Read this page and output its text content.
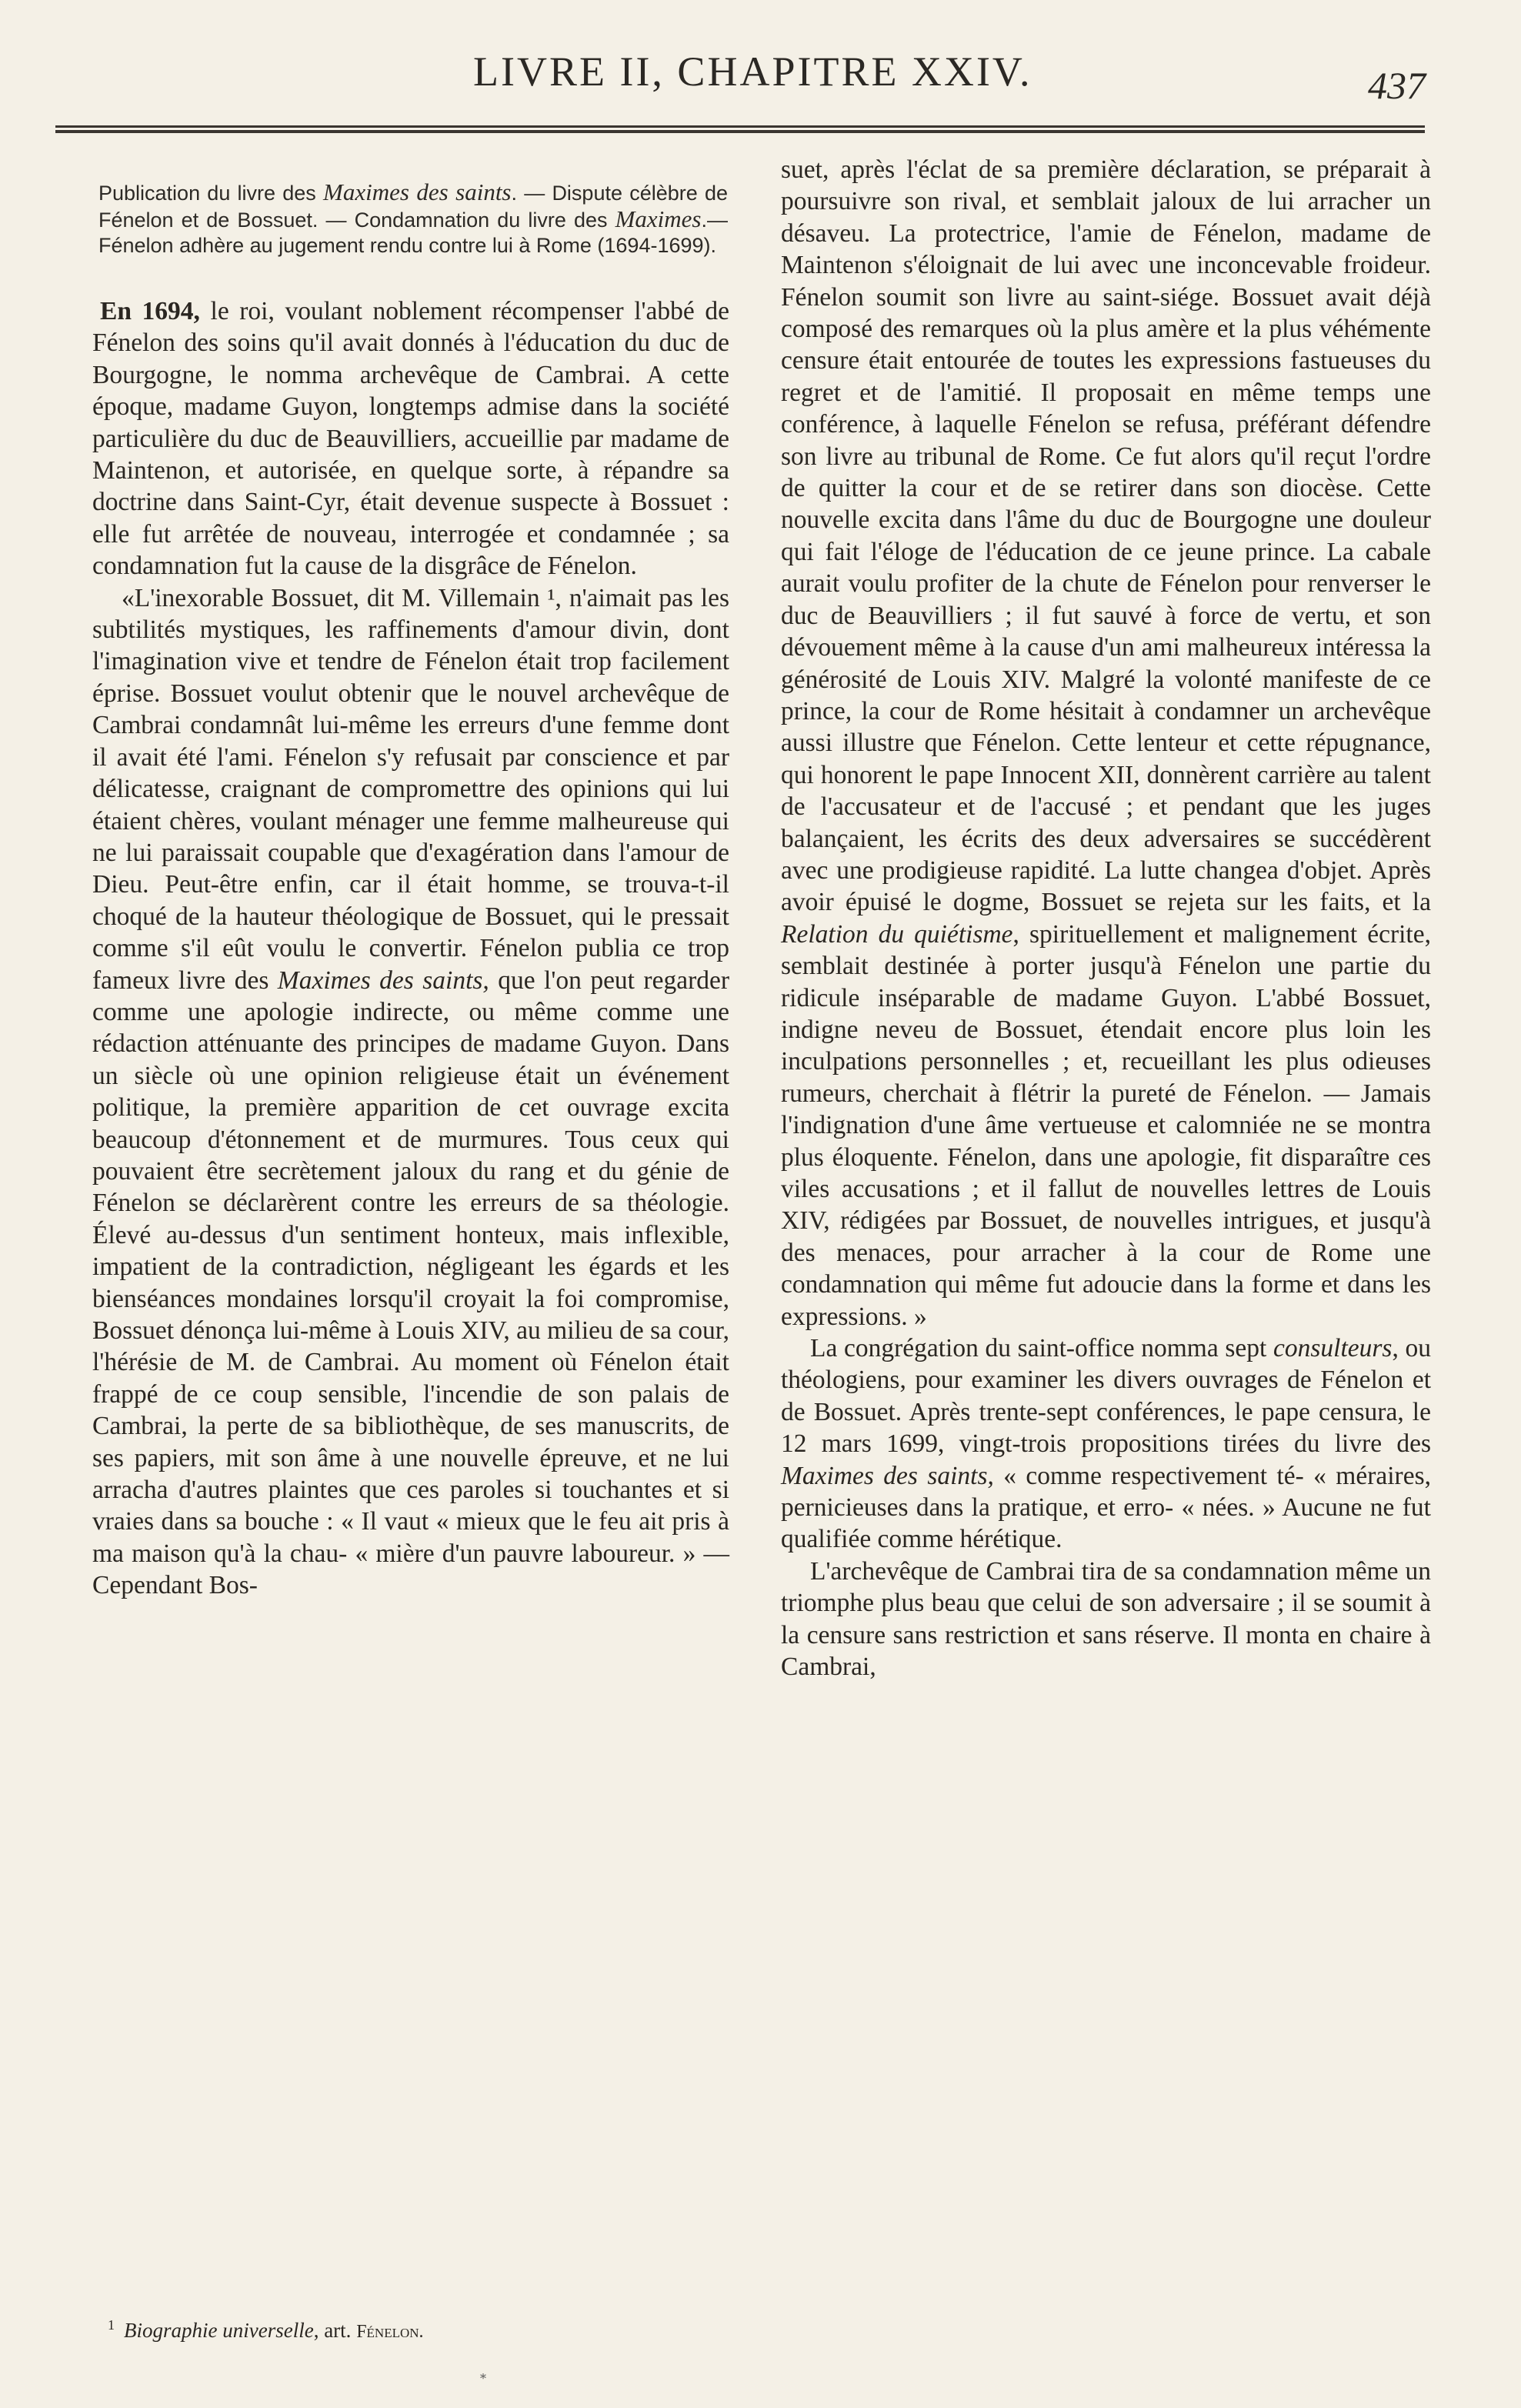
LIVRE II, CHAPITRE XXIV.	437
Publication du livre des Maximes des saints. — Dispute célèbre de Fénelon et de Bossuet. — Condamnation du livre des Maximes.— Fénelon adhère au jugement rendu contre lui à Rome (1694-1699).

En 1694, le roi, voulant noblement récompenser l'abbé de Fénelon des soins qu'il avait donnés à l'éducation du duc de Bourgogne, le nomma archevêque de Cambrai. A cette époque, madame Guyon, longtemps admise dans la société particulière du duc de Beauvilliers, accueillie par madame de Maintenon, et autorisée, en quelque sorte, à répandre sa doctrine dans Saint-Cyr, était devenue suspecte à Bossuet : elle fut arrêtée de nouveau, interrogée et condamnée ; sa condamnation fut la cause de la disgrâce de Fénelon.

«L'inexorable Bossuet, dit M. Villemain ¹, n'aimait pas les subtilités mystiques, les raffinements d'amour divin, dont l'imagination vive et tendre de Fénelon était trop facilement éprise. Bossuet voulut obtenir que le nouvel archevêque de Cambrai condamnât lui-même les erreurs d'une femme dont il avait été l'ami. Fénelon s'y refusait par conscience et par délicatesse, craignant de compromettre des opinions qui lui étaient chères, voulant ménager une femme malheureuse qui ne lui paraissait coupable que d'exagération dans l'amour de Dieu. Peut-être enfin, car il était homme, se trouva-t-il choqué de la hauteur théologique de Bossuet, qui le pressait comme s'il eût voulu le convertir. Fénelon publia ce trop fameux livre des Maximes des saints, que l'on peut regarder comme une apologie indirecte, ou même comme une rédaction atténuante des principes de madame Guyon. Dans un siècle où une opinion religieuse était un événement politique, la première apparition de cet ouvrage excita beaucoup d'étonnement et de murmures. Tous ceux qui pouvaient être secrètement jaloux du rang et du génie de Fénelon se déclarèrent contre les erreurs de sa théologie. Élevé au-dessus d'un sentiment honteux, mais inflexible, impatient de la contradiction, négligeant les égards et les bienséances mondaines lorsqu'il croyait la foi compromise, Bossuet dénonça lui-même à Louis XIV, au milieu de sa cour, l'hérésie de M. de Cambrai. Au moment où Fénelon était frappé de ce coup sensible, l'incendie de son palais de Cambrai, la perte de sa bibliothèque, de ses manuscrits, de ses papiers, mit son âme à une nouvelle épreuve, et ne lui arracha d'autres plaintes que ces paroles si touchantes et si vraies dans sa bouche : « Il vaut « mieux que le feu ait pris à ma maison qu'à la chau- « mière d'un pauvre laboureur. » — Cependant Bos-

suet, après l'éclat de sa première déclaration, se préparait à poursuivre son rival, et semblait jaloux de lui arracher un désaveu. La protectrice, l'amie de Fénelon, madame de Maintenon s'éloignait de lui avec une inconcevable froideur. Fénelon soumit son livre au saint-siége. Bossuet avait déjà composé des remarques où la plus amère et la plus véhémente censure était entourée de toutes les expressions fastueuses du regret et de l'amitié. Il proposait en même temps une conférence, à laquelle Fénelon se refusa, préférant défendre son livre au tribunal de Rome. Ce fut alors qu'il reçut l'ordre de quitter la cour et de se retirer dans son diocèse. Cette nouvelle excita dans l'âme du duc de Bourgogne une douleur qui fait l'éloge de l'éducation de ce jeune prince. La cabale aurait voulu profiter de la chute de Fénelon pour renverser le duc de Beauvilliers ; il fut sauvé à force de vertu, et son dévouement même à la cause d'un ami malheureux intéressa la générosité de Louis XIV. Malgré la volonté manifeste de ce prince, la cour de Rome hésitait à condamner un archevêque aussi illustre que Fénelon. Cette lenteur et cette répugnance, qui honorent le pape Innocent XII, donnèrent carrière au talent de l'accusateur et de l'accusé ; et pendant que les juges balançaient, les écrits des deux adversaires se succédèrent avec une prodigieuse rapidité. La lutte changea d'objet. Après avoir épuisé le dogme, Bossuet se rejeta sur les faits, et la Relation du quiétisme, spirituellement et malignement écrite, semblait destinée à porter jusqu'à Fénelon une partie du ridicule inséparable de madame Guyon. L'abbé Bossuet, indigne neveu de Bossuet, étendait encore plus loin les inculpations personnelles ; et, recueillant les plus odieuses rumeurs, cherchait à flétrir la pureté de Fénelon. — Jamais l'indignation d'une âme vertueuse et calomniée ne se montra plus éloquente. Fénelon, dans une apologie, fit disparaître ces viles accusations ; et il fallut de nouvelles lettres de Louis XIV, rédigées par Bossuet, de nouvelles intrigues, et jusqu'à des menaces, pour arracher à la cour de Rome une condamnation qui même fut adoucie dans la forme et dans les expressions. »

La congrégation du saint-office nomma sept consulteurs, ou théologiens, pour examiner les divers ouvrages de Fénelon et de Bossuet. Après trente-sept conférences, le pape censura, le 12 mars 1699, vingt-trois propositions tirées du livre des Maximes des saints, « comme respectivement té- « méraires, pernicieuses dans la pratique, et erro- « nées. » Aucune ne fut qualifiée comme hérétique.

L'archevêque de Cambrai tira de sa condamnation même un triomphe plus beau que celui de son adversaire ; il se soumit à la censure sans restriction et sans réserve. Il monta en chaire à Cambrai,

$^1$ Biographie universelle, art. Fénelon.
*
